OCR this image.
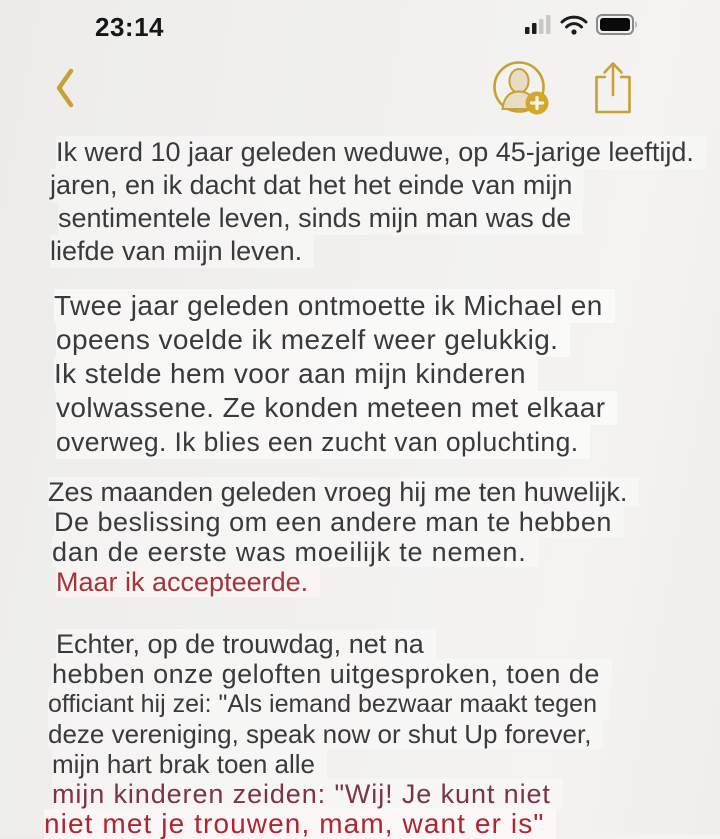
23:14
Ik werd 10 jaar geleden weduwe, op 45-jarige leeftijd.
jaren, en ik dacht dat het het einde van mijn
sentimentele leven, sinds mijn man was de
liefde van mijn leven.
Twee jaar geleden ontmoette ik Michael en
opeens voelde ik mezelf weer gelukkig.
Ik stelde hem voor aan mijn kinderen
volwassene. Ze konden meteen met elkaar
overweg. Ik blies een zucht van opluchting.
Zes maanden geleden vroeg hij me ten huwelijk.
De beslissing om een andere man te hebben
dan de eerste was moeilijk te nemen.
Maar ik accepteerde.
Echter, op de trouwdag, net na
hebben onze geloften uitgesproken, toen de
officiant hij zei: "Als iemand bezwaar maakt tegen
deze vereniging, speak now or shut Up forever,
mijn hart brak toen alle
mijn kinderen zeiden: "Wij! Je kunt niet
niet met je trouwen, mam, want er is"
